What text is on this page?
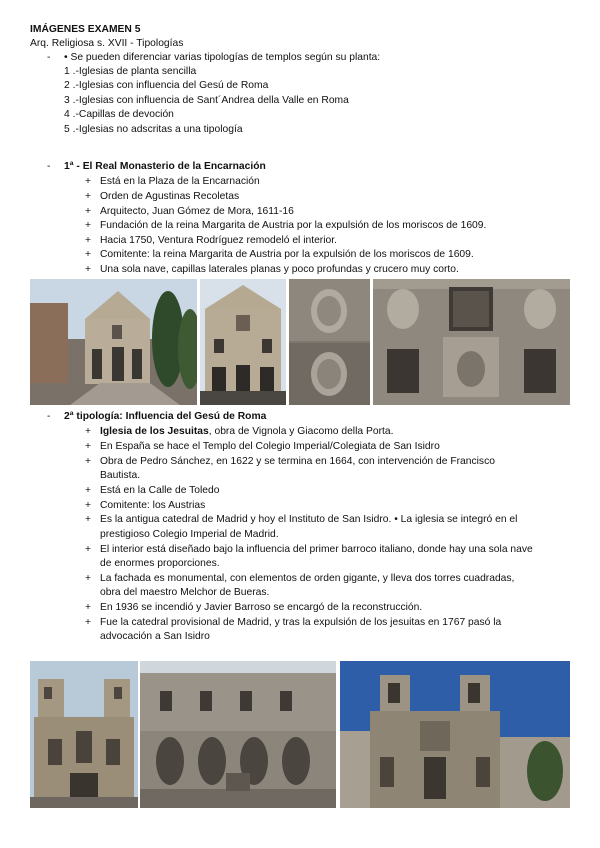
IMÁGENES EXAMEN 5
Arq. Religiosa s. XVII - Tipologías
- • Se pueden diferenciar varias tipologías de templos según su planta:
1 .-Iglesias de planta sencilla
2 .-Iglesias con influencia del Gesú de Roma
3 .-Iglesias con influencia de Sant´Andrea della Valle en Roma
4 .-Capillas de devoción
5 .-Iglesias no adscritas a una tipología
- 1ª - El Real Monasterio de la Encarnación
+ Está en la Plaza de la Encarnación
+ Orden de Agustinas Recoletas
+ Arquitecto, Juan Gómez de Mora, 1611-16
+ Fundación de la reina Margarita de Austria por la expulsión de los moriscos de 1609.
+ Hacia 1750, Ventura Rodríguez remodeló el interior.
+ Comitente: la reina Margarita de Austria por la expulsión de los moriscos de 1609.
+ Una sola nave, capillas laterales planas y poco profundas y crucero muy corto.
- 2ª tipología: Influencia del Gesú de Roma
+ Iglesia de los Jesuitas, obra de Vignola y Giacomo della Porta.
+ En España se hace el Templo del Colegio Imperial/Colegiata de San Isidro
+ Obra de Pedro Sánchez, en 1622 y se termina en 1664, con intervención de Francisco
Bautista.
+ Está en la Calle de Toledo
+ Comitente: los Austrias
+ Es la antigua catedral de Madrid y hoy el Instituto de San Isidro. • La iglesia se integró en el
prestigioso Colegio Imperial de Madrid.
+ El interior está diseñado bajo la influencia del primer barroco italiano, donde hay una sola nave
de enormes proporciones.
+ La fachada es monumental, con elementos de orden gigante, y lleva dos torres cuadradas,
obra del maestro Melchor de Bueras.
+ En 1936 se incendió y Javier Barroso se encargó de la reconstrucción.
+ Fue la catedral provisional de Madrid, y tras la expulsión de los jesuitas en 1767 pasó la
advocación a San Isidro
